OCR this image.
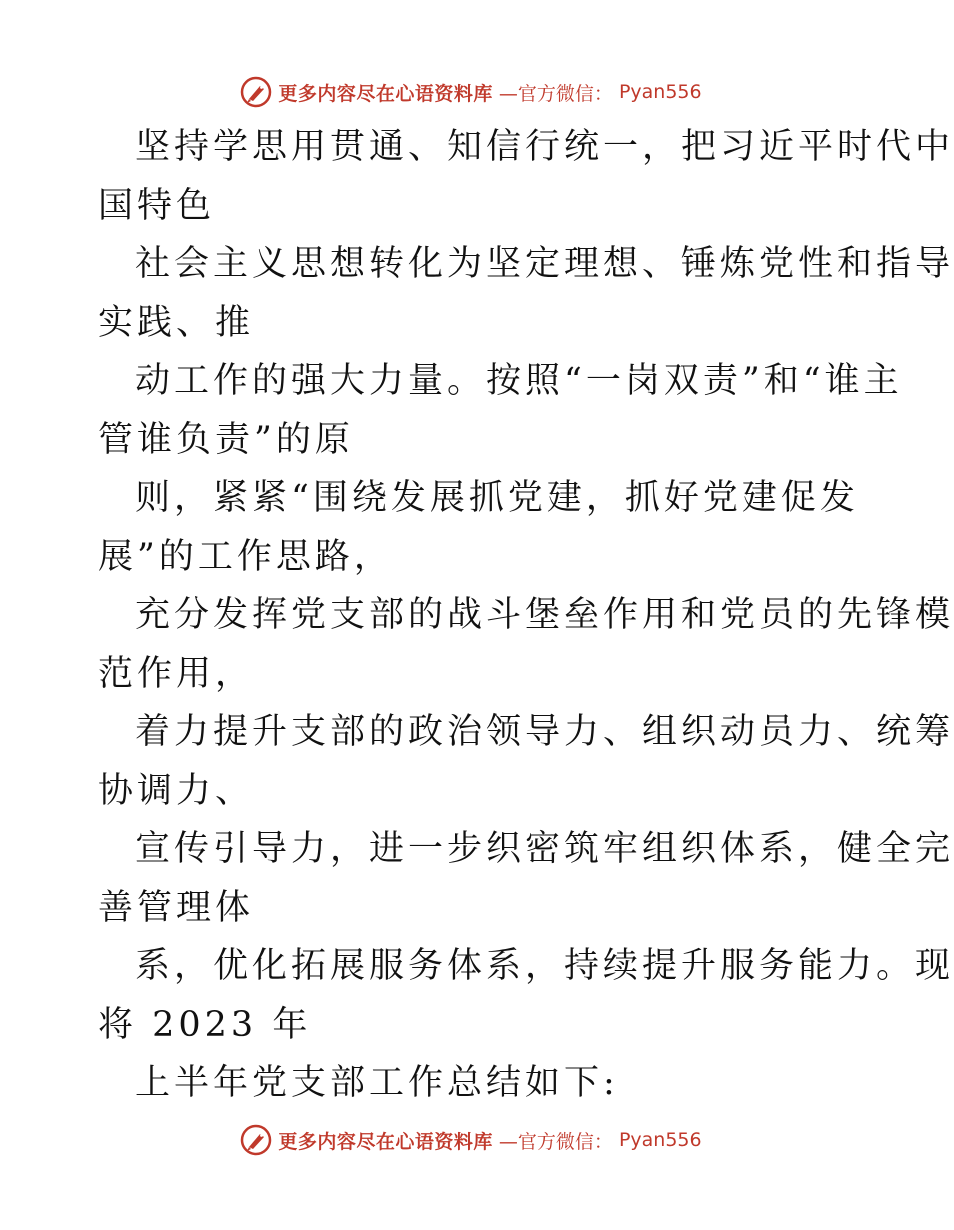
更多内容尽在心语资料库 —官方微信： Pyan556
坚持学思用贯通、知信行统一，把习近平时代中
国特色
社会主义思想转化为坚定理想、锤炼党性和指导
实践、推
动工作的强大力量。按照“一岗双责”和“谁主
管谁负责”的原
则，紧紧“围绕发展抓党建，抓好党建促发
展”的工作思路，
充分发挥党支部的战斗堡垒作用和党员的先锋模
范作用，
着力提升支部的政治领导力、组织动员力、统筹
协调力、
宣传引导力，进一步织密筑牢组织体系，健全完
善管理体
系，优化拓展服务体系，持续提升服务能力。现
将 2023 年
上半年党支部工作总结如下:
更多内容尽在心语资料库 —官方微信： Pyan556
